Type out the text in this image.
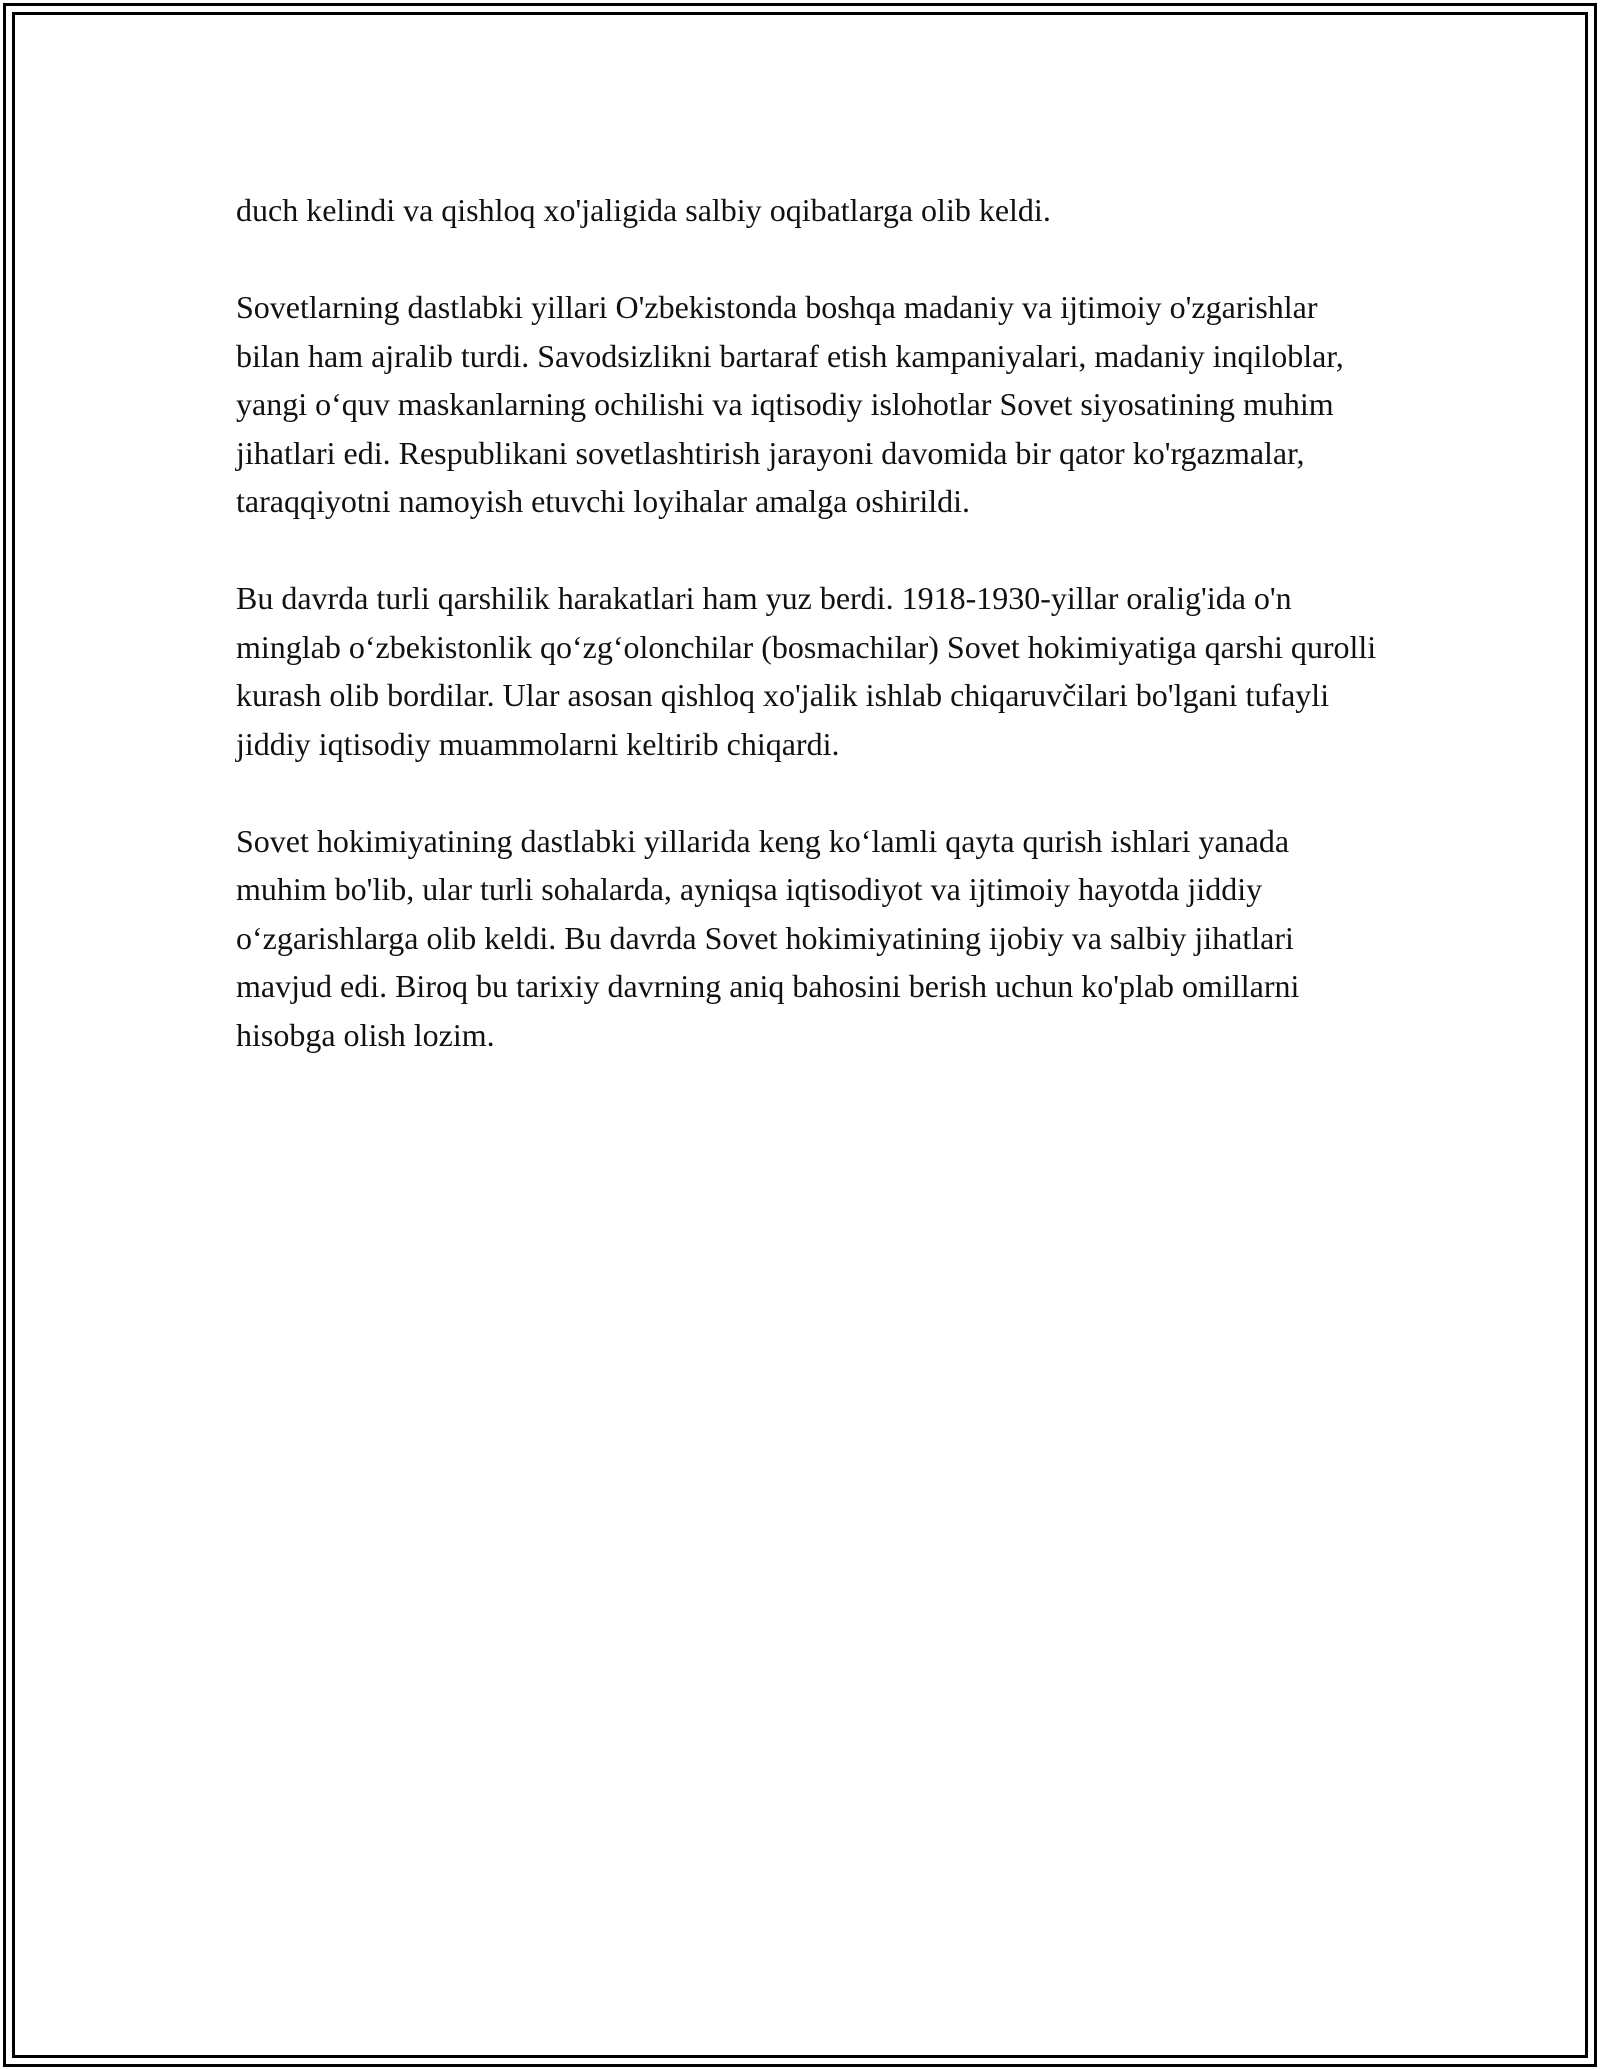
duch kelindi va qishloq xo'jaligida salbiy oqibatlarga olib keldi.

Sovetlarning dastlabki yillari O'zbekistonda boshqa madaniy va ijtimoiy o'zgarishlar bilan ham ajralib turdi. Savodsizlikni bartaraf etish kampaniyalari, madaniy inqiloblar, yangi o‘quv maskanlarning ochilishi va iqtisodiy islohotlar Sovet siyosatining muhim jihatlari edi. Respublikani sovetlashtirish jarayoni davomida bir qator ko'rgazmalar, taraqqiyotni namoyish etuvchi loyihalar amalga oshirildi.

Bu davrda turli qarshilik harakatlari ham yuz berdi. 1918-1930-yillar oralig'ida o'n minglab o‘zbekistonlik qo‘zg‘olonchilar (bosmachilar) Sovet hokimiyatiga qarshi qurolli kurash olib bordilar. Ular asosan qishloq xo'jalik ishlab chiqaruvčilari bo'lgani tufayli jiddiy iqtisodiy muammolarni keltirib chiqardi.

Sovet hokimiyatining dastlabki yillarida keng ko‘lamli qayta qurish ishlari yanada muhim bo'lib, ular turli sohalarda, ayniqsa iqtisodiyot va ijtimoiy hayotda jiddiy o‘zgarishlarga olib keldi. Bu davrda Sovet hokimiyatining ijobiy va salbiy jihatlari mavjud edi. Biroq bu tarixiy davrning aniq bahosini berish uchun ko'plab omillarni hisobga olish lozim.
